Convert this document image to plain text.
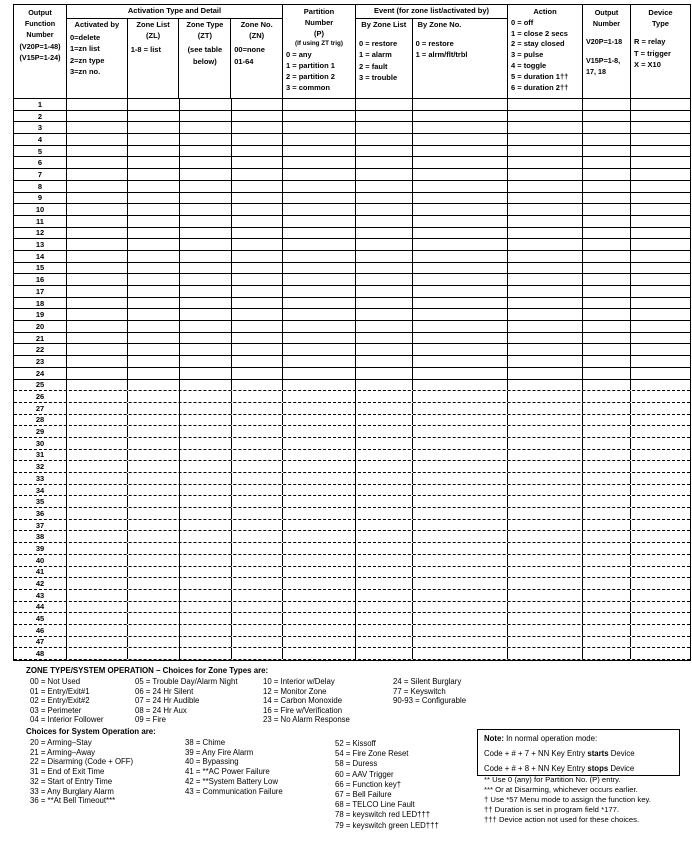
Output
Function
Number
(V20P=1-48)
(V15P=1-24)
Activation Type and Detail
Activated by
0=delete
1=zn list
2=zn type
3=zn no.
Zone List
(ZL)
1-8 = list
Zone Type
(ZT)
(see table
below)
Zone No.
(ZN)
00=none
01-64
Partition
Number
(P)
(If using ZT trig)
0 = any
1 = partition 1
2 = partition 2
3 = common
Event (for zone list/activated by)
By Zone List
0 = restore
1 = alarm
2 = fault
3 = trouble
By Zone No.
0 = restore
1 = alrm/flt/trbl
Action
0 = off
1 = close 2 secs
2 = stay closed
3 = pulse
4 = toggle
5 = duration 1††
6 = duration 2††
Output
Number
V20P=1-18
V15P=1-8,
17, 18
Device
Type
R = relay
T = trigger
X = X10
1
2
3
4
5
6
7
8
9
10
11
12
13
14
15
16
17
18
19
20
21
22
23
24
25
26
27
28
29
30
31
32
33
34
35
36
37
38
39
40
41
42
43
44
45
46
47
48
ZONE TYPE/SYSTEM OPERATION – Choices for Zone Types are:
00 = Not Used
01 = Entry/Exit#1
02 = Entry/Exit#2
03 = Perimeter
04 = Interior Follower
05 = Trouble Day/Alarm Night
06 = 24 Hr Silent
07 = 24 Hr Audible
08 = 24 Hr Aux
09 = Fire
10 = Interior w/Delay
12 = Monitor Zone
14 = Carbon Monoxide
16 = Fire w/Verification
23 = No Alarm Response
24 = Silent Burglary
77 = Keyswitch
90-93 = Configurable
Choices for System Operation are:
20 = Arming–Stay
21 = Arming–Away
22 = Disarming (Code + OFF)
31 = End of Exit Time
32 = Start of Entry Time
33 = Any Burglary Alarm
36 = **At Bell Timeout***
38 = Chime
39 = Any Fire Alarm
40 = Bypassing
41 = **AC Power Failure
42 = **System Battery Low
43 = Communication Failure
52 = Kissoff
54 = Fire Zone Reset
58 = Duress
60 = AAV Trigger
66 = Function key†
67 = Bell Failure
68 = TELCO Line Fault
78 = keyswitch red LED†††
79 = keyswitch green LED†††
Note: In normal operation mode:
Code + # + 7 + NN Key Entry starts Device
Code + # + 8 + NN Key Entry stops Device
** Use 0 (any) for Partition No. (P) entry.
*** Or at Disarming, whichever occurs earlier.
† Use *57 Menu mode to assign the function key.
†† Duration is set in program field *177.
††† Device action not used for these choices.
